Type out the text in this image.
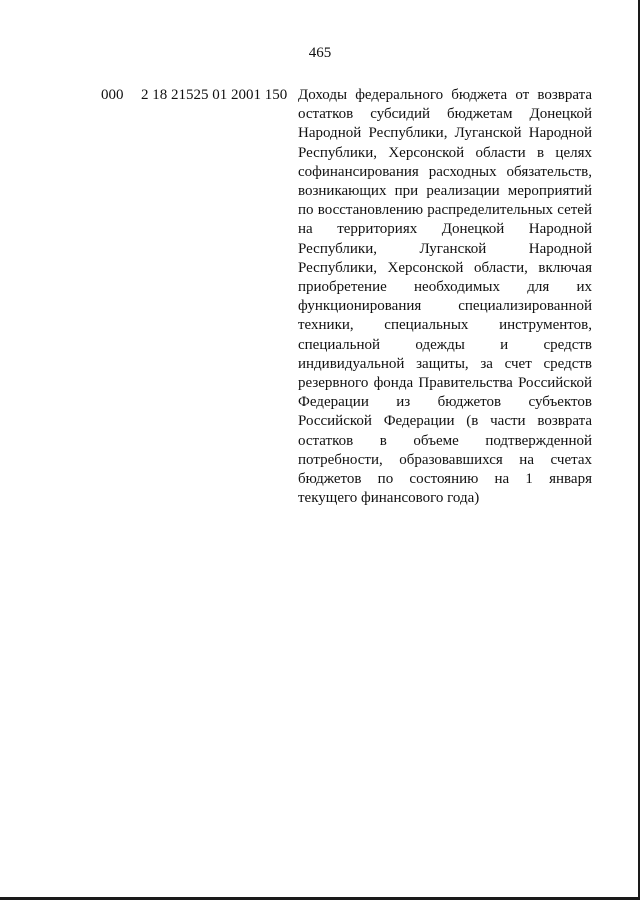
465
000 2 18 21525 01 2001 150 Доходы федерального бюджета от возврата остатков субсидий бюджетам Донецкой Народной Республики, Луганской Народной Республики, Херсонской области в целях софинансирования расходных обязательств, возникающих при реализации мероприятий по восстановлению распределительных сетей на территориях Донецкой Народной Республики, Луганской Народной Республики, Херсонской области, включая приобретение необходимых для их функционирования специализированной техники, специальных инструментов, специальной одежды и средств индивидуальной защиты, за счет средств резервного фонда Правительства Российской Федерации из бюджетов субъектов Российской Федерации (в части возврата остатков в объеме подтвержденной потребности, образовавшихся на счетах бюджетов по состоянию на 1 января текущего финансового года)
